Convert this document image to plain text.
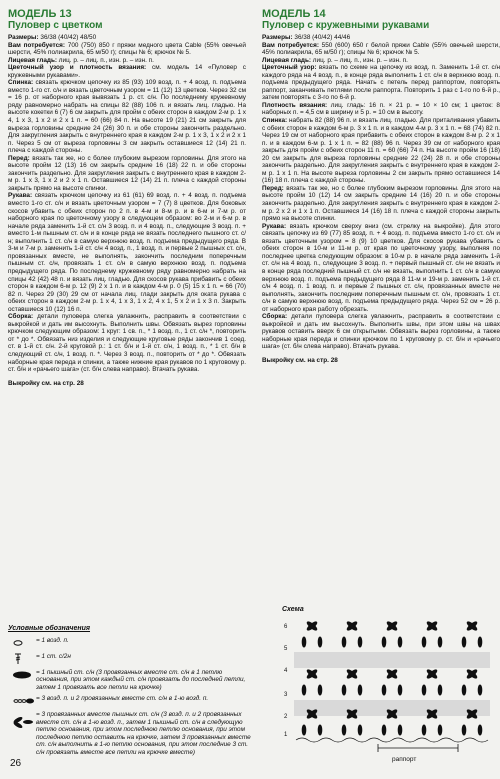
МОДЕЛЬ 13
Пуловер с цветком

Размеры: 36/38 (40/42) 48/50

Вам потребуется: 700 (750) 850 г пряжи медного цвета Cable (55% овечьей шерсти, 45% полиакрила, 65 м/50 г); спицы № 6; крючок № 5.

Лицевая гладь: лиц. р. – лиц. п., изн. р. – изн. п.

Цветочный узор и плотность вязания: см. модель 14 «Пуловер с кружевными рукавами».

Спинка: связать крючком цепочку из 85 (93) 109 возд. п. + 4 возд. п. подъема вместо 1-го ст. с/н и вязать цветочным узором = 11 (12) 13 цветков. Через 32 см = 16 р. от наборного края вывязать 1 р. ст. с/н. По последнему кружевному ряду равномерно набрать на спицы 82 (88) 106 п. и вязать лиц. гладью. На высоте кокетки 6 (7) 6 см закрыть для пройм с обеих сторон в каждом 2-м р. 1 х 4, 1 х 3, 1 х 2 и 2 х 1 п. = 60 (66) 84 п. На высоте 19 (21) 21 см закрыть для выреза горловины средние 24 (26) 30 п. и обе стороны закончить раздельно. Для закругления закрыть с внутреннего края в каждом 2-м р. 1 х 3, 1 х 2 и 2 х 1 п. Через 5 см от выреза горловины 3 см закрыть оставшиеся 12 (14) 21 п. плеча с каждой стороны.

Перед: вязать так же, но с более глубоким вырезом горловины. Для этого на высоте пройм 12 (13) 16 см закрыть средние 16 (18) 22 п. и обе стороны закончить раздельно. Для закругления закрыть с внутреннего края в каждом 2-м р. 1 х 3, 1 х 2 и 2 х 1 п. Оставшиеся 12 (14) 21 п. плеча с каждой стороны закрыть прямо на высоте спинки.

Рукава: связать крючком цепочку из 61 (61) 69 возд. п. + 4 возд. п. подъема вместо 1-го ст. с/н и вязать цветочным узором = 7 (7) 8 цветков. Для боковых скосов убавить с обеих сторон по 2 п. в 4-м и 8-м р. и в 6-м и 7-м р. от наборного края по цветочному узору в следующем образом: во 2-м и 6-м р. в начале ряда заменить 1-й ст. с/н 3 возд. п. и 4 возд. п., следующие 3 возд. п. + вместо 1-м пышным ст. с/н и в конце ряда не вязать последнего пышного ст. с/н; выполнить 1 ст. с/н в самую верхнюю возд. п. подъема предыдущего ряда. В 3-м и 7-м р. заменить 1-й ст. с/н 4 возд. п., 1 возд. п. и первые 2 пышных ст. с/н, провязанных вместе, не выполнять, закончить последним поперечным пышным ст. с/н, провязать 1 ст. с/н в самую верхнюю возд. п. подъема предыдущего ряда. По последнему кружевному ряду равномерно набрать на спицы 42 (42) 48 п. и вязать лиц. гладью. Для скосов рукава прибавить с обеих сторон в каждом 6-м р. 12 (9) 2 х 1 п. и в каждом 4-м р. 0 (5) 15 х 1 п. = 66 (70) 82 п. Через 29 (30) 29 см от начала лиц. глади закрыть для оката рукава с обеих сторон в каждом 2-м р. 1 х 4, 1 х 3, 1 х 2, 4 х 1, 5 х 2 и 1 х 3 п. Закрыть оставшиеся 10 (12) 16 п.

Сборка: детали пуловера слегка увлажнить, расправить в соответствии с выкройкой и дать им высохнуть. Выполнить швы. Обвязать вырез горловины крючком следующим образом: 1 круг: 1 св. п., * 1 возд. п., 1 ст. с/н *, повторить от * до *. Обвязать низ изделия и следующие круговые ряды закончив 1 соед. ст. в 1-й ст. с/н. 2-й круговой р.: 1 ст. б/н и 1-й ст. с/н, 1 возд. п., * 1 ст. б/н в следующий ст. с/н, 1 возд. п. *. Через 3 возд. п., повторить от * до *. Обвязать наборные края переда и спинки, а также нижние края рукавов по 1 круговому р. ст. б/н и «рачьего шага» (ст. б/н слева направо). Втачать рукава.

Выкройку см. на стр. 28
МОДЕЛЬ 14
Пуловер с кружевными рукавами

Размеры: 36/38 (40/42) 44/46

Вам потребуется: 550 (600) 650 г белой пряжи Cable (55% овечьей шерсти, 45% полиакрила, 65 м/50 г); спицы № 6; крючок № 5.

Лицевая гладь: лиц. р. – лиц. п., изн. р. – изн. п.

Цветочный узор: вязать по схеме на цепочку из возд. п. Заменить 1-й ст. с/н каждого ряда на 4 возд. п., в конце ряда выполнить 1 ст. с/н в верхнюю возд. п. подъема предыдущего ряда. Начать с петель перед раппортом, повторять раппорт, заканчивать петлями после раппорта. Повторить 1 раз с 1-го по 6-й р., затем повторять с 3-го по 6-й р.

Плотность вязания: лиц. гладь: 16 п. × 21 р. = 10 × 10 см; 1 цветок: 8 наборных п. = 4,5 см в ширину и 5 р. = 10 см в высоту.

Спинка: набрать 82 (88) 96 п. и вязать лиц. гладью. Для приталивания убавить с обеих сторон в каждом 6-м р. 3 х 1 п. и в каждом 4-м р. 3 х 1 п. = 68 (74) 82 п. Через 19 см от наборного края прибавить с обеих сторон в каждом 8-м р. 2 х 1 п. и в каждом 6-м р. 1 х 1 п. = 82 (88) 96 п. Через 39 см от наборного края закрыть для пройм с обеих сторон 11 п. = 60 (66) 74 п. На высоте пройм 16 (18) 20 см закрыть для выреза горловины средние 22 (24) 28 п. и обе стороны закончить раздельно. Для закругления закрыть с внутреннего края в каждом 2-м р. 1 х 1 п. На высоте выреза горловины 2 см закрыть прямо оставшиеся 14 (16) 18 п. плеча с каждой стороны.

Перед: вязать так же, но с более глубоким вырезом горловины. Для этого на высоте пройм 10 (12) 14 см закрыть средние 14 (16) 20 п. и обе стороны закончить раздельно. Для закругления закрыть с внутреннего края в каждом 2-м р. 2 х 2 и 1 х 1 п. Оставшиеся 14 (16) 18 п. плеча с каждой стороны закрыть прямо на высоте спинки.

Рукава: вязать крючком сверху вниз (см. стрелку на выкройке). Для этого связать цепочку из 69 (77) 85 возд. п. + 4 возд. п. подъема вместо 1-го ст. с/н и вязать цветочным узором = 8 (9) 10 цветков. Для скосов рукава убавить с обеих сторон в 10-м и 11-м р. от края по цветочному узору, выполняя по последнее цветка следующим образом: в 10-м р. в начале ряда заменить 1-й ст. с/н на 4 возд. п., следующие 3 возд. п. + первый пышный ст. с/н не вязать и в конце ряда последний пышный ст. с/н не вязать, выполнить 1 ст. с/н в самую верхнюю возд. п. подъема предыдущего ряда 8 11-м и 19-м р. заменить 1-й ст. с/н 4 возд. п. 1 возд. п. и первые 2 пышных ст. с/н, провязанных вместе не выполнять, закончить последним поперечным пышным ст. с/н, провязать 1 ст. с/н в самую верхнюю возд. п. подъема предыдущего ряда. Через 52 см = 26 р. от наборного края работу обрезать.

Сборка: детали пуловера слегка увлажнить, расправить в соответствии с выкройкой и дать им высохнуть. Выполнить швы, при этом швы на швах рукавов оставить вверх 6 см открытыми. Обвязать вырез горловины, а также наборные края переда и спинки крючком по 1 круговому р. ст. б/н и «рачьего шага» (ст. б/н слева направо). Втачать рукава.

Выкройку см. на стр. 28
Условные обозначения
= 1 возд. п.
= 1 ст. с/2н
= 1 пышный ст. с/н (3 провязанных вместе ст. с/н в 1 петлю основания, при этом каждый ст. с/н провязать до последней петли, затем 1 провязать все петли на крючке)
= 3 возд. п. и 2 провязанных вместе ст. с/н в 1-ю возд. п.
= 3 провязанных вместе пышных ст. с/н (3 возд. п. и 2 провязанных вместе ст. с/н в 1-ю возд. п., затем 1 пышный ст. с/н в следующую петлю основания, при этом последнюю петлю основания, при этом последнюю петлю оставить на крючке, затем 3 провязанных вместе ст. с/н выполнить в 1-ю петлю основания, при этом последние 3 ст. с/н провязать вместе все петли на крючке вместе)
Схема
6
5
4
3
2
1
раппорт
26
